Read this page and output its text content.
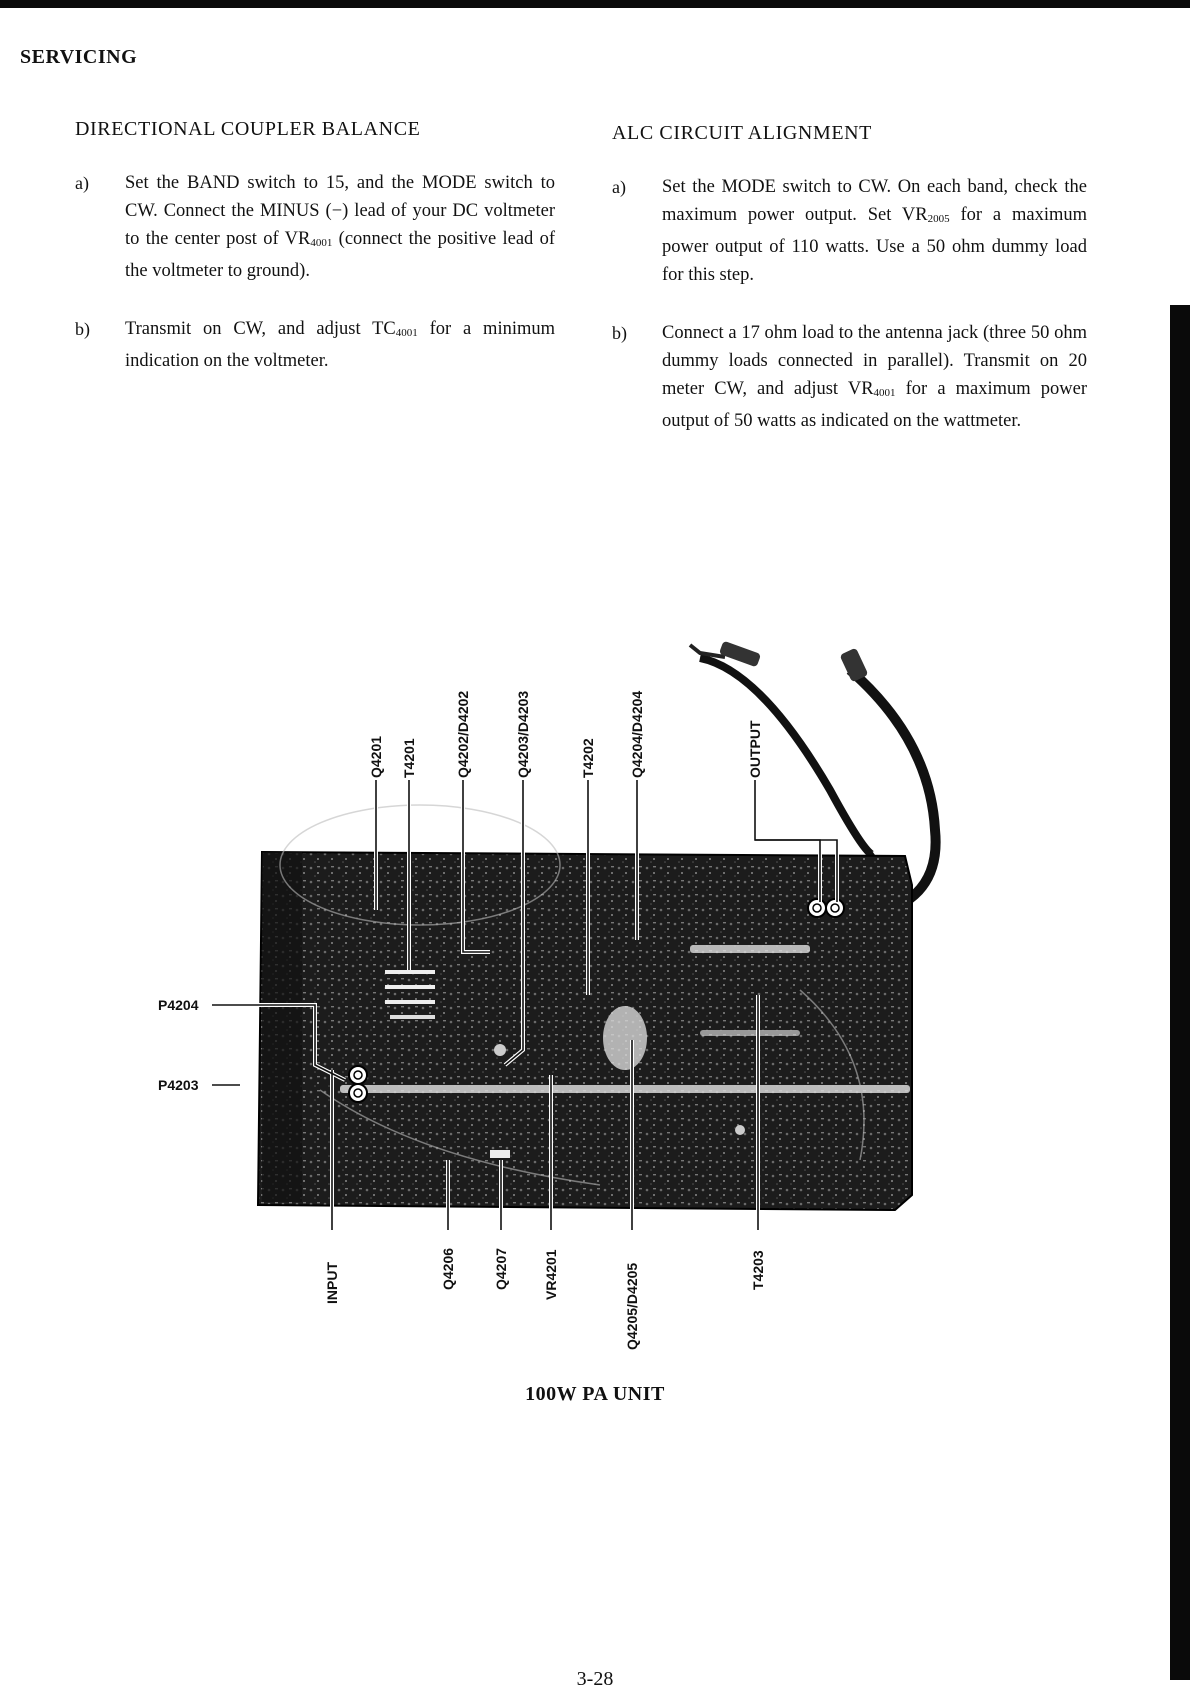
SERVICING
DIRECTIONAL COUPLER BALANCE
a)	Set the BAND switch to 15, and the MODE switch to CW. Connect the MINUS (−) lead of your DC voltmeter to the center post of $VR_{4001}$ (connect the positive lead of the voltmeter to ground).
b)	Transmit on CW, and adjust $TC_{4001}$ for a minimum indication on the voltmeter.
ALC CIRCUIT ALIGNMENT
a)	Set the MODE switch to CW. On each band, check the maximum power output. Set $VR_{2005}$ for a maximum power output of 110 watts. Use a 50 ohm dummy load for this step.
b)	Connect a 17 ohm load to the antenna jack (three 50 ohm dummy loads connected in parallel). Transmit on 20 meter CW, and adjust $VR_{4001}$ for a maximum power output of 50 watts as indicated on the wattmeter.
Q4201 T4201	Q4202/D4202	Q4203/D4203	T4202 Q4204/D4204	OUTPUT
P4204
P4203
INPUT	Q4206	Q4207 VR4201	Q4205/D4205	T4203
100W PA UNIT
3-28
